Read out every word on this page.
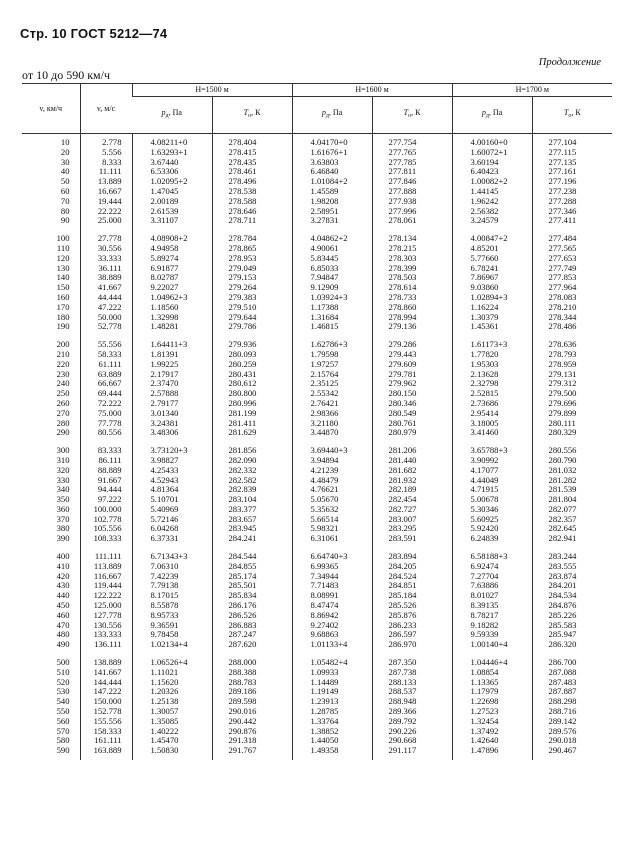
Стр. 10 ГОСТ 5212—74
Продолжение
от 10 до 590 км/ч
v, км/ч	v, м/с	H=1500 м		H=1600 м		H=1700 м	
		$p_д$, Па	$T_о$, К	$p_д$, Па	$T_о$, К	$p_д$, Па	$T_о$, К
10	2.778	4.08211+0	278.404	4.04170+0	277.754	4.00160+0	277.104
20	5.556	1.63293+1	278.415	1.61676+1	277.765	1.60072+1	277.115
30	8.333	3.67440	278.435	3.63803	277.785	3.60194	277.135
40	11.111	6.53306	278.461	6.46840	277.811	6.40423	277.161
50	13.889	1.02095+2	278.496	1.01084+2	277.846	1.00082+2	277.196
60	16.667	1.47045	278.538	1.45589	277.888	1.44145	277.238
70	19.444	2.00189	278.588	1.98208	277.938	1.96242	277.288
80	22.222	2.61539	278.646	2.58951	277.996	2.56382	277.346
90	25.000	3.31107	278.711	3.27831	278.061	3.24579	277.411

100	27.778	4.08908+2	278.784	4.04862+2	278.134	4.00847+2	277.484
110	30.556	4.94958	278.865	4.90061	278.215	4.85201	277.565
120	33.333	5.89274	278.953	5.83445	278.303	5.77660	277.653
130	36.111	6.91877	279.049	6.85033	278.399	6.78241	277.749
140	38.889	8.02787	279.153	7.94847	278.503	7.86967	277.853
150	41.667	9.22027	279.264	9.12909	278.614	9.03860	277.964
160	44.444	1.04962+3	279.383	1.03924+3	278.733	1.02894+3	278.083
170	47.222	1.18560	279.510	1.17388	278.860	1.16224	278.210
180	50.000	1.32998	279.644	1.31684	278.994	1.30379	278.344
190	52.778	1.48281	279.786	1.46815	279.136	1.45361	278.486

200	55.556	1.64411+3	279.936	1.62786+3	279.286	1.61173+3	278.636
210	58.333	1.81391	280.093	1.79598	279.443	1.77820	278.793
220	61.111	1.99225	280.259	1.97257	279.609	1.95303	278.959
230	63.889	2.17917	280.431	2.15764	279.781	2.13628	279.131
240	66.667	2.37470	280.612	2.35125	279.962	2.32798	279.312
250	69.444	2.57888	280.800	2.55342	280.150	2.52815	279.500
260	72.222	2.79177	280.996	2.76421	280.346	2.73686	279.696
270	75.000	3.01340	281.199	2.98366	280.549	2.95414	279.899
280	77.778	3.24381	281.411	3.21180	280.761	3.18005	280.111
290	80.556	3.48306	281.629	3.44870	280.979	3.41460	280.329

300	83.333	3.73120+3	281.856	3.69440+3	281.206	3.65788+3	280.556
310	86.111	3.98827	282.090	3.94894	281.440	3.90992	280.790
320	88.889	4.25433	282.332	4.21239	281.682	4.17077	281.032
330	91.667	4.52943	282.582	4.48479	281.932	4.44049	281.282
340	94.444	4.81364	282.839	4.76621	282.189	4.71915	281.539
350	97.222	5.10701	283.104	5.05670	282.454	5.00678	281.804
360	100.000	5.40969	283.377	5.35632	282.727	5.30346	282.077
370	102.778	5.72146	283.657	5.66514	283.007	5.60925	282.357
380	105.556	6.04268	283.945	5.98321	283.295	5.92420	282.645
390	108.333	6.37331	284.241	6.31061	283.591	6.24839	282.941

400	111.111	6.71343+3	284.544	6.64740+3	283.894	6.58188+3	283.244
410	113.889	7.06310	284.855	6.99365	284.205	6.92474	283.555
420	116.667	7.42239	285.174	7.34944	284.524	7.27704	283.874
430	119.444	7.79138	285.501	7.71483	284.851	7.63886	284.201
440	122.222	8.17015	285.834	8.08991	285.184	8.01027	284.534
450	125.000	8.55878	286.176	8.47474	285.526	8.39135	284.876
460	127.778	8.95733	286.526	8.86942	285.876	8.78217	285.226
470	130.556	9.36591	286.883	9.27402	286.233	9.18282	285.583
480	133.333	9.78458	287.247	9.68863	286.597	9.59339	285.947
490	136.111	1.02134+4	287.620	1.01133+4	286.970	1.00140+4	286.320

500	138.889	1.06526+4	288.000	1.05482+4	287.350	1.04446+4	286.700
510	141.667	1.11021	288.388	1.09933	287.738	1.08854	287.088
520	144.444	1.15620	288.783	1.14489	288.133	1.13365	287.483
530	147.222	1.20326	289.186	1.19149	288.537	1.17979	287.887
540	150.000	1.25138	289.598	1.23913	288.948	1.22698	288.298
550	152.778	1.30057	290.016	1.28785	289.366	1.27523	288.716
560	155.556	1.35085	290.442	1.33764	289.792	1.32454	289.142
570	158.333	1.40222	290.876	1.38852	290.226	1.37492	289.576
580	161.111	1.45470	291.318	1.44050	290.668	1.42640	290.018
590	163.889	1.50830	291.767	1.49358	291.117	1.47896	290.467
